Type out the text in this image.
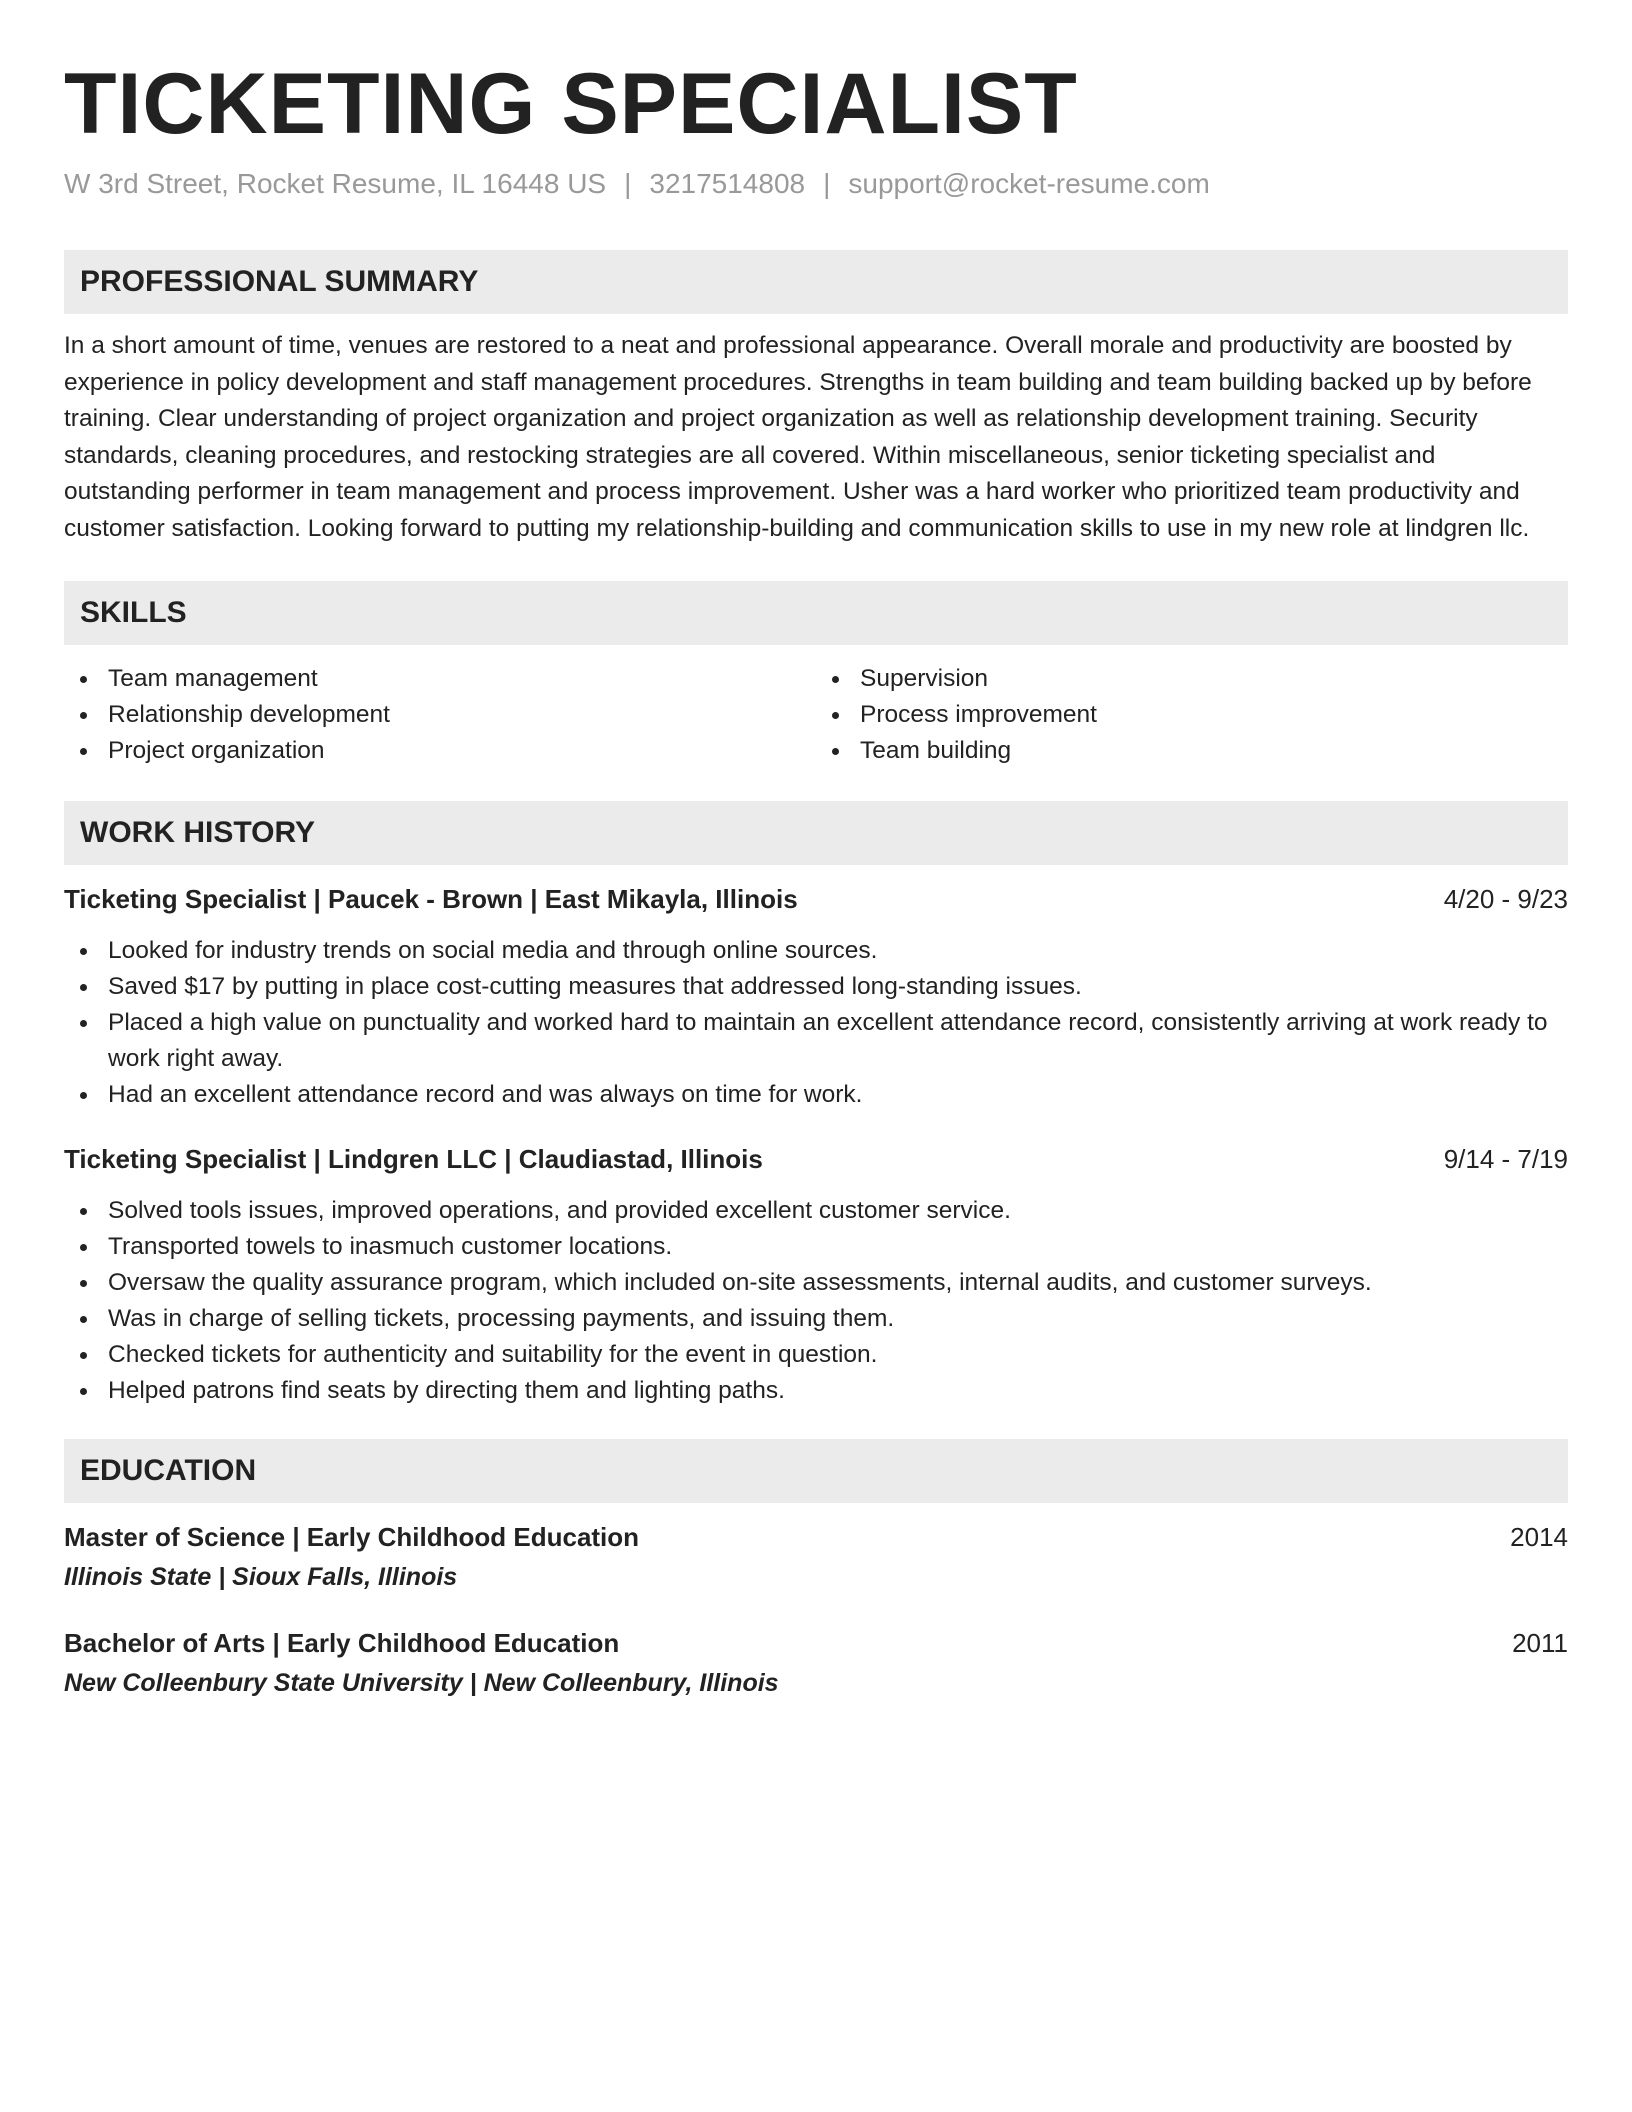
TICKETING SPECIALIST
W 3rd Street, Rocket Resume, IL 16448 US | 3217514808 | support@rocket-resume.com
PROFESSIONAL SUMMARY

In a short amount of time, venues are restored to a neat and professional appearance. Overall morale and productivity are boosted by experience in policy development and staff management procedures. Strengths in team building and team building backed up by before training. Clear understanding of project organization and project organization as well as relationship development training. Security standards, cleaning procedures, and restocking strategies are all covered. Within miscellaneous, senior ticketing specialist and outstanding performer in team management and process improvement. Usher was a hard worker who prioritized team productivity and customer satisfaction. Looking forward to putting my relationship-building and communication skills to use in my new role at lindgren llc.

SKILLS
Team management
Relationship development
Project organization
Supervision
Process improvement
Team building
WORK HISTORY
Ticketing Specialist | Paucek - Brown | East Mikayla, Illinois	4/20 - 9/23
Looked for industry trends on social media and through online sources.
Saved $17 by putting in place cost-cutting measures that addressed long-standing issues.
Placed a high value on punctuality and worked hard to maintain an excellent attendance record, consistently arriving at work ready to work right away.
Had an excellent attendance record and was always on time for work.
Ticketing Specialist | Lindgren LLC | Claudiastad, Illinois	9/14 - 7/19
Solved tools issues, improved operations, and provided excellent customer service.
Transported towels to inasmuch customer locations.
Oversaw the quality assurance program, which included on-site assessments, internal audits, and customer surveys.
Was in charge of selling tickets, processing payments, and issuing them.
Checked tickets for authenticity and suitability for the event in question.
Helped patrons find seats by directing them and lighting paths.
EDUCATION
Master of Science | Early Childhood Education	2014
Illinois State | Sioux Falls, Illinois
Bachelor of Arts | Early Childhood Education	2011
New Colleenbury State University | New Colleenbury, Illinois
